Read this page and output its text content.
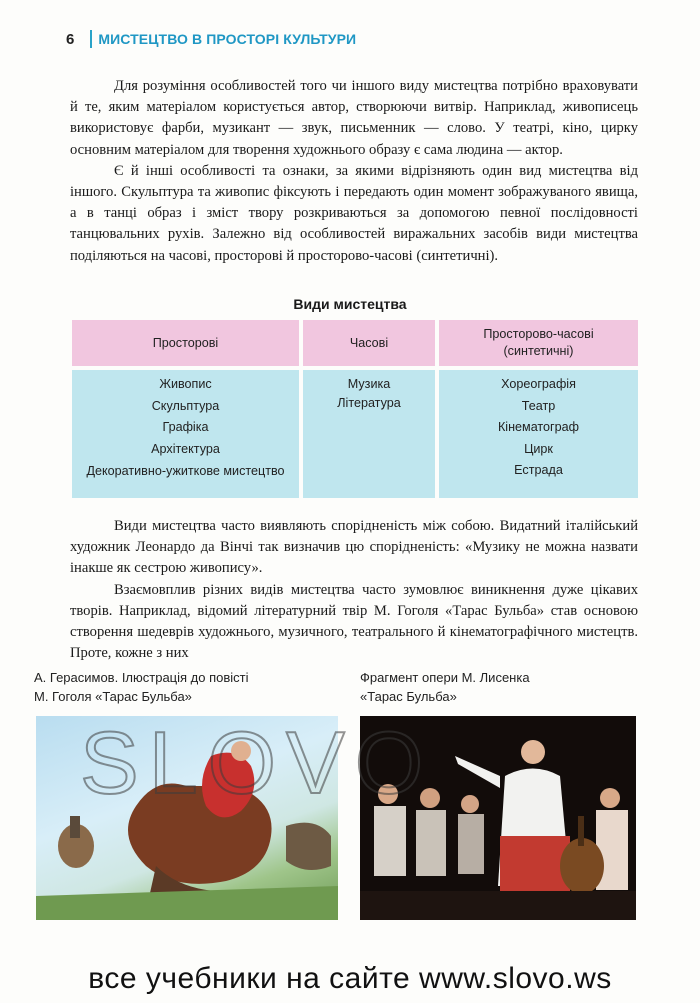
6 МИСТЕЦТВО В ПРОСТОРІ КУЛЬТУРИ

Для розуміння особливостей того чи іншого виду мистецтва потрібно враховувати й те, яким матеріалом користується автор, створюючи витвір. Наприклад, живописець використовує фарби, музикант — звук, письменник — слово. У театрі, кіно, цирку основним матеріалом для творення художнього образу є сама людина — актор.

Є й інші особливості та ознаки, за якими відрізняють один вид мистецтва від іншого. Скульптура та живопис фіксують і передають один момент зображуваного явища, а в танці образ і зміст твору розкриваються за допомогою певної послідовності танцювальних рухів. Залежно від особливостей виражальних засобів види мистецтва поділяються на часові, просторові й просторово-часові (синтетичні).

Види мистецтва
Просторові	Часові
Просторово-часові
(синтетичні)
Живопис
Скульптура
Графіка
Архітектура
Декоративно-ужиткове мистецтво
Музика
Література
Хореографія
Театр
Кінематограф
Цирк
Естрада

Види мистецтва часто виявляють спорідненість між собою. Видатний італійський художник Леонардо да Вінчі так визначив цю спорідненість: «Музику не можна назвати інакше як сестрою живопису».

Взаємовплив різних видів мистецтва часто зумовлює виникнення дуже цікавих творів. Наприклад, відомий літературний твір М. Гоголя «Тарас Бульба» став основою створення шедеврів художнього, музичного, театрального й кінематографічного мистецтв. Проте, кожне з них

А. Герасимов. Ілюстрація до повісті
М. Гоголя «Тарас Бульба»
Фрагмент опери М. Лисенка
«Тарас Бульба»
SLOVO
все учебники на сайте www.slovo.ws
